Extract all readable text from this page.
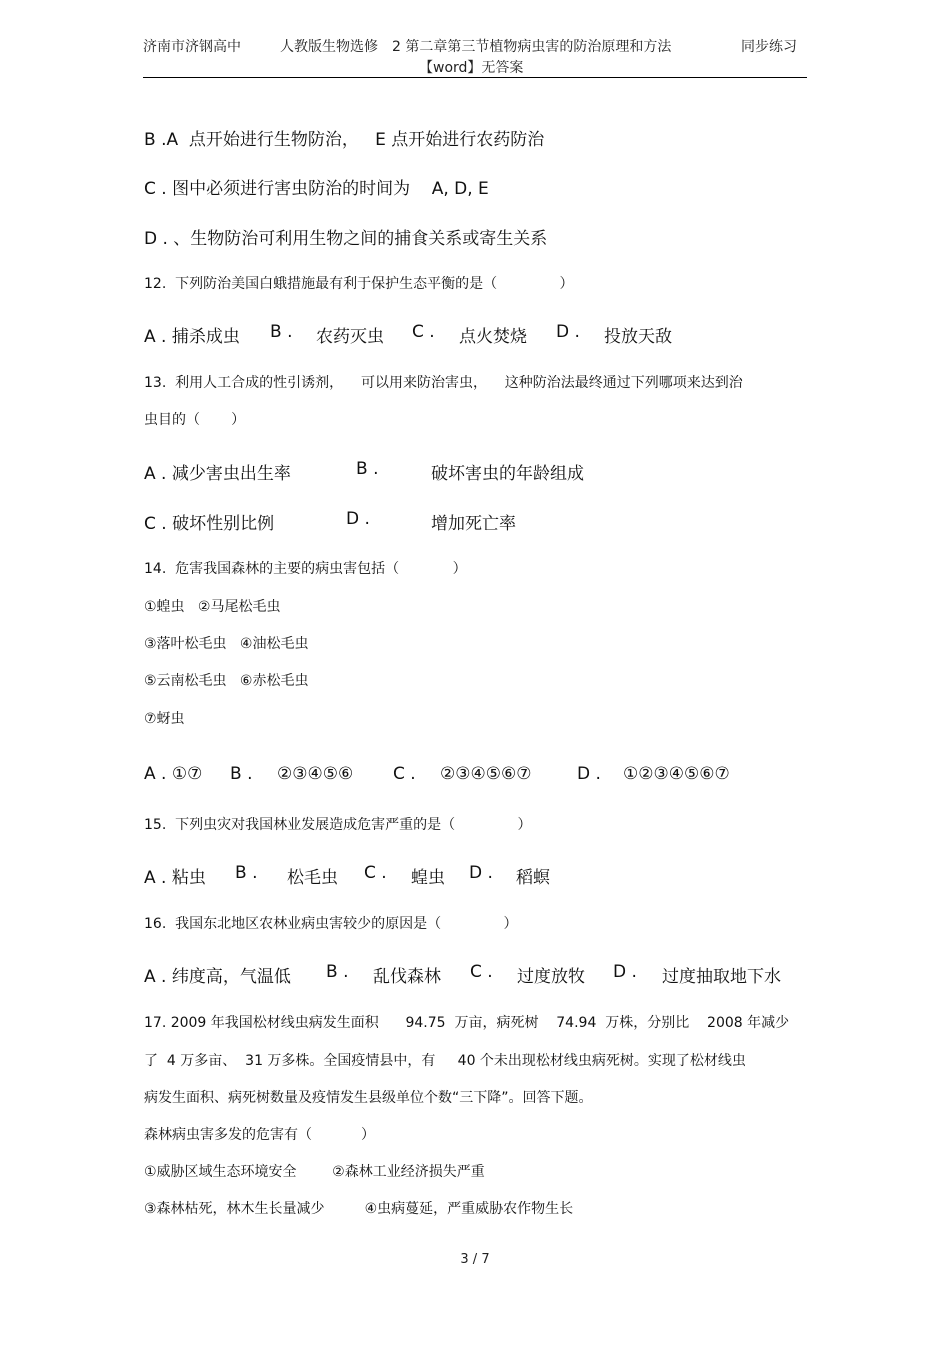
济南市济钢高中	人教版生物选修　2 第二章第三节植物病虫害的防治原理和方法	同步练习
【word】无答案
B .A  点开始进行生物防治，   E 点开始进行农药防治
C . 图中必须进行害虫防治的时间为    A, D, E
D . 、生物防治可利用生物之间的捕食关系或寄生关系
12.  下列防治美国白蛾措施最有利于保护生态平衡的是（              ）
A . 捕杀成虫 B . 农药灭虫 C . 点火焚烧 D . 投放天敌
13.  利用人工合成的性引诱剂，    可以用来防治害虫，    这种防治法最终通过下列哪项来达到治
虫目的（       ）
A . 减少害虫出生率	B .	破坏害虫的年龄组成
C . 破坏性别比例	D .	增加死亡率
14.  危害我国森林的主要的病虫害包括（            ）
①蝗虫   ②马尾松毛虫
③落叶松毛虫   ④油松毛虫
⑤云南松毛虫   ⑥赤松毛虫
⑦蚜虫
A . ①⑦ B . ②③④⑤⑥ C . ②③④⑤⑥⑦	D . ①②③④⑤⑥⑦
15.  下列虫灾对我国林业发展造成危害严重的是（              ）
A . 粘虫 B . 松毛虫 C . 蝗虫 D . 稻螟
16.  我国东北地区农林业病虫害较少的原因是（              ）
A . 纬度高，气温低 B . 乱伐森林 C . 过度放牧 D . 过度抽取地下水
17. 2009 年我国松材线虫病发生面积      94.75  万亩，病死树    74.94  万株，分别比    2008 年减少
了  4 万多亩、  31 万多株。全国疫情县中，有     40 个未出现松材线虫病死树。实现了松材线虫
病发生面积、病死树数量及疫情发生县级单位个数“三下降”。回答下题。
森林病虫害多发的危害有（           ）
①威胁区域生态环境安全        ②森林工业经济损失严重
③森林枯死，林木生长量减少         ④虫病蔓延，严重威胁农作物生长
3 / 7
